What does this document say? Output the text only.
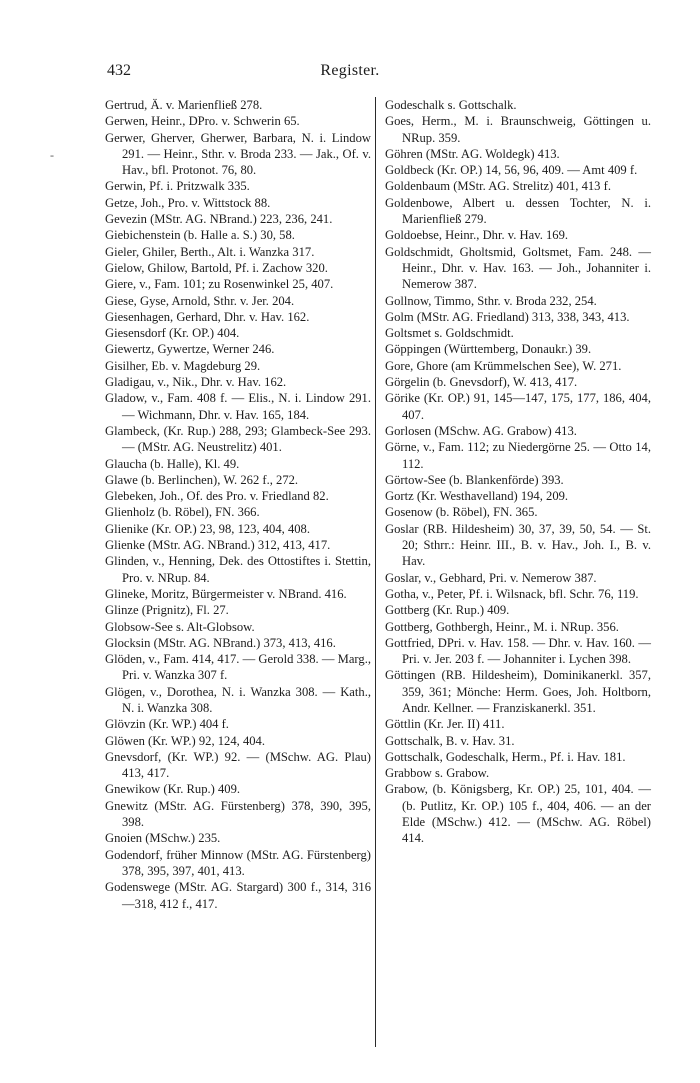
432	Register.
-

Gertrud, Ä. v. Marienfließ 278.

Gerwen, Heinr., DPro. v. Schwerin 65.

Gerwer, Gherver, Gherwer, Barbara, N. i. Lindow 291. — Heinr., Sthr. v. Broda 233. — Jak., Of. v. Hav., bfl. Protonot. 76, 80.

Gerwin, Pf. i. Pritzwalk 335.

Getze, Joh., Pro. v. Wittstock 88.

Gevezin (MStr. AG. NBrand.) 223, 236, 241.

Giebichenstein (b. Halle a. S.) 30, 58.

Gieler, Ghiler, Berth., Alt. i. Wanzka 317.

Gielow, Ghilow, Bartold, Pf. i. Zachow 320.

Giere, v., Fam. 101; zu Rosenwinkel 25, 407.

Giese, Gyse, Arnold, Sthr. v. Jer. 204.

Giesenhagen, Gerhard, Dhr. v. Hav. 162.

Giesensdorf (Kr. OP.) 404.

Giewertz, Gywertze, Werner 246.

Gisilher, Eb. v. Magdeburg 29.

Gladigau, v., Nik., Dhr. v. Hav. 162.

Gladow, v., Fam. 408 f. — Elis., N. i. Lindow 291. — Wichmann, Dhr. v. Hav. 165, 184.

Glambeck, (Kr. Rup.) 288, 293; Glambeck-See 293. — (MStr. AG. Neustrelitz) 401.

Glaucha (b. Halle), Kl. 49.

Glawe (b. Berlinchen), W. 262 f., 272.

Glebeken, Joh., Of. des Pro. v. Friedland 82.

Glienholz (b. Röbel), FN. 366.

Glienike (Kr. OP.) 23, 98, 123, 404, 408.

Glienke (MStr. AG. NBrand.) 312, 413, 417.

Glinden, v., Henning, Dek. des Ottostiftes i. Stettin, Pro. v. NRup. 84.

Glineke, Moritz, Bürgermeister v. NBrand. 416.

Glinze (Prignitz), Fl. 27.

Globsow-See s. Alt-Globsow.

Glocksin (MStr. AG. NBrand.) 373, 413, 416.

Glöden, v., Fam. 414, 417. — Gerold 338. — Marg., Pri. v. Wanzka 307 f.

Glögen, v., Dorothea, N. i. Wanzka 308. — Kath., N. i. Wanzka 308.

Glövzin (Kr. WP.) 404 f.

Glöwen (Kr. WP.) 92, 124, 404.

Gnevsdorf, (Kr. WP.) 92. — (MSchw. AG. Plau) 413, 417.

Gnewikow (Kr. Rup.) 409.

Gnewitz (MStr. AG. Fürstenberg) 378, 390, 395, 398.

Gnoien (MSchw.) 235.

Godendorf, früher Minnow (MStr. AG. Fürstenberg) 378, 395, 397, 401, 413.

Godenswege (MStr. AG. Stargard) 300 f., 314, 316—318, 412 f., 417.

Godeschalk s. Gottschalk.

Goes, Herm., M. i. Braunschweig, Göttingen u. NRup. 359.

Göhren (MStr. AG. Woldegk) 413.

Goldbeck (Kr. OP.) 14, 56, 96, 409. — Amt 409 f.

Goldenbaum (MStr. AG. Strelitz) 401, 413 f.

Goldenbowe, Albert u. dessen Tochter, N. i. Marienfließ 279.

Goldoebse, Heinr., Dhr. v. Hav. 169.

Goldschmidt, Gholtsmid, Goltsmet, Fam. 248. — Heinr., Dhr. v. Hav. 163. — Joh., Johanniter i. Nemerow 387.

Gollnow, Timmo, Sthr. v. Broda 232, 254.

Golm (MStr. AG. Friedland) 313, 338, 343, 413.

Goltsmet s. Goldschmidt.

Göppingen (Württemberg, Donaukr.) 39.

Gore, Ghore (am Krümmelschen See), W. 271.

Görgelin (b. Gnevsdorf), W. 413, 417.

Görike (Kr. OP.) 91, 145—147, 175, 177, 186, 404, 407.

Gorlosen (MSchw. AG. Grabow) 413.

Görne, v., Fam. 112; zu Niedergörne 25. — Otto 14, 112.

Görtow-See (b. Blankenförde) 393.

Gortz (Kr. Westhavelland) 194, 209.

Gosenow (b. Röbel), FN. 365.

Goslar (RB. Hildesheim) 30, 37, 39, 50, 54. — St. 20; Sthrr.: Heinr. III., B. v. Hav., Joh. I., B. v. Hav.

Goslar, v., Gebhard, Pri. v. Nemerow 387.

Gotha, v., Peter, Pf. i. Wilsnack, bfl. Schr. 76, 119.

Gottberg (Kr. Rup.) 409.

Gottberg, Gothbergh, Heinr., M. i. NRup. 356.

Gottfried, DPri. v. Hav. 158. — Dhr. v. Hav. 160. — Pri. v. Jer. 203 f. — Johanniter i. Lychen 398.

Göttingen (RB. Hildesheim), Dominikanerkl. 357, 359, 361; Mönche: Herm. Goes, Joh. Holtborn, Andr. Kellner. — Franziskanerkl. 351.

Göttlin (Kr. Jer. II) 411.

Gottschalk, B. v. Hav. 31.

Gottschalk, Godeschalk, Herm., Pf. i. Hav. 181.

Grabbow s. Grabow.

Grabow, (b. Königsberg, Kr. OP.) 25, 101, 404. — (b. Putlitz, Kr. OP.) 105 f., 404, 406. — an der Elde (MSchw.) 412. — (MSchw. AG. Röbel) 414.
